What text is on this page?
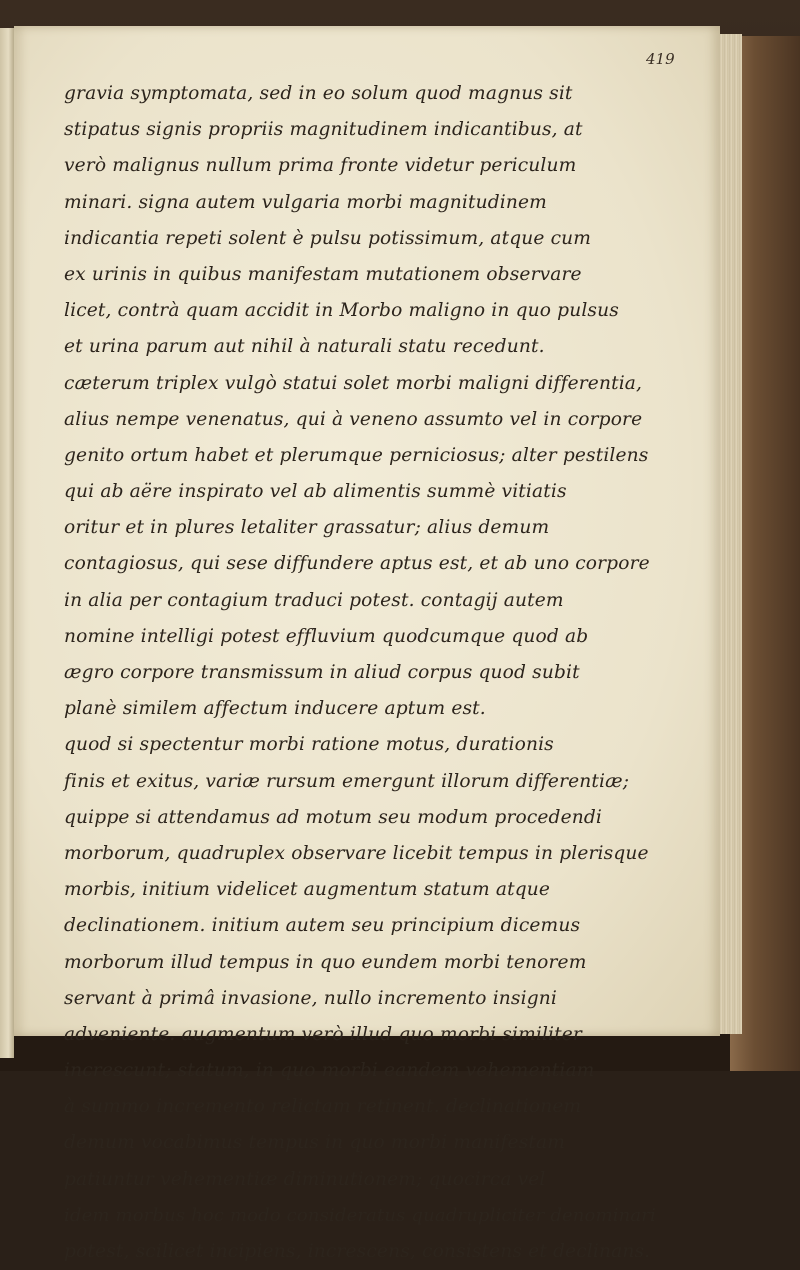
419
gravia symptomata, sed in eo solum quod magnus sit
stipatus signis propriis magnitudinem indicantibus, at
verò malignus nullum prima fronte videtur periculum
minari. signa autem vulgaria morbi magnitudinem
indicantia repeti solent è pulsu potissimum, atque cum
ex urinis in quibus manifestam mutationem observare
licet, contrà quam accidit in Morbo maligno in quo pulsus
et urina parum aut nihil à naturali statu recedunt.
cæterum triplex vulgò statui solet morbi maligni differentia,
alius nempe venenatus, qui à veneno assumto vel in corpore
genito ortum habet et plerumque perniciosus; alter pestilens
qui ab aëre inspirato vel ab alimentis summè vitiatis
oritur et in plures letaliter grassatur; alius demum
contagiosus, qui sese diffundere aptus est, et ab uno corpore
in alia per contagium traduci potest. contagij autem
nomine intelligi potest effluvium quodcumque quod ab
ægro corpore transmissum in aliud corpus quod subit
planè similem affectum inducere aptum est.
quod si spectentur morbi ratione motus, durationis
finis et exitus, variæ rursum emergunt illorum differentiæ;
quippe si attendamus ad motum seu modum procedendi
morborum, quadruplex observare licebit tempus in plerisque
morbis, initium videlicet augmentum statum atque
declinationem. initium autem seu principium dicemus
morborum illud tempus in quo eundem morbi tenorem
servant à primâ invasione, nullo incremento insigni
adveniente. augmentum verò illud quo morbi similiter
increscunt; statum, in quo morbi eandem vehementiam
à summo incremento relictam retinent. declinationem
demum vocabimus tempus in quo morbi manifestam
patiuntur vehementiæ diminutionem; quocirca vel
idem morbus hoc modo consideratus quadrupliciter denominari
potest, scilicet incipiens, increscens, consistens et declinans.
